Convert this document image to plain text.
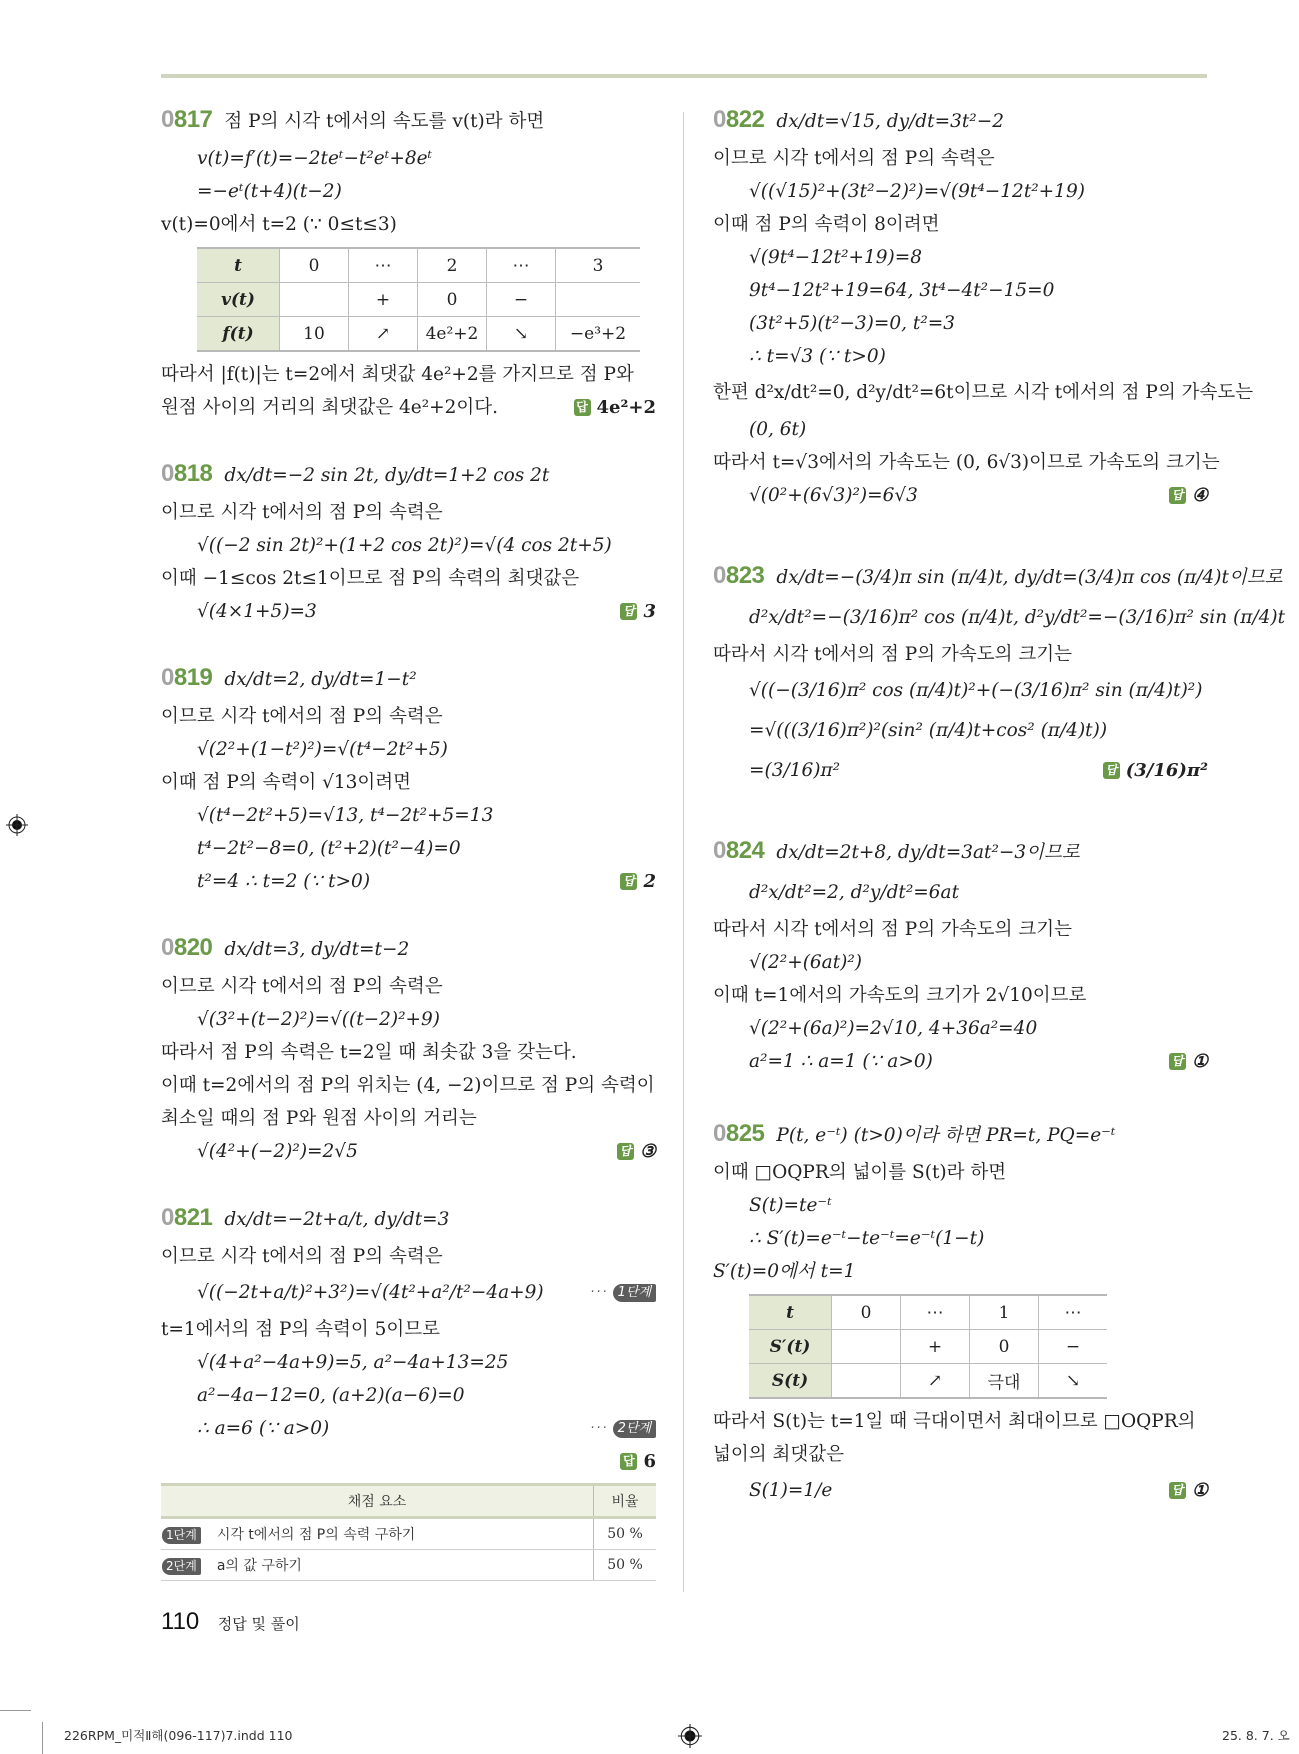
0817 점 P의 시각 t에서의 속도를 v(t)라 하면
v(t)=f′(t)=−2teᵗ−t²eᵗ+8eᵗ
=−eᵗ(t+4)(t−2)
v(t)=0에서 t=2 (∵ 0≤t≤3)
t	0	⋯	2	⋯	3
v(t)		+	0	−	
f(t)	10	↗	4e²+2	↘	−e³+2
따라서 |f(t)|는 t=2에서 최댓값 4e²+2를 가지므로 점 P와
원점 사이의 거리의 최댓값은 4e²+2이다.	답 4e²+2
0818 dx/dt=−2 sin 2t, dy/dt=1+2 cos 2t
이므로 시각 t에서의 점 P의 속력은
√((−2 sin 2t)²+(1+2 cos 2t)²)=√(4 cos 2t+5)
이때 −1≤cos 2t≤1이므로 점 P의 속력의 최댓값은
√(4×1+5)=3	답 3
0819 dx/dt=2, dy/dt=1−t²
이므로 시각 t에서의 점 P의 속력은
√(2²+(1−t²)²)=√(t⁴−2t²+5)
이때 점 P의 속력이 √13이려면
√(t⁴−2t²+5)=√13, t⁴−2t²+5=13
t⁴−2t²−8=0, (t²+2)(t²−4)=0
t²=4 ∴ t=2 (∵ t>0)	답 2
0820 dx/dt=3, dy/dt=t−2
이므로 시각 t에서의 점 P의 속력은
√(3²+(t−2)²)=√((t−2)²+9)
따라서 점 P의 속력은 t=2일 때 최솟값 3을 갖는다.
이때 t=2에서의 점 P의 위치는 (4, −2)이므로 점 P의 속력이
최소일 때의 점 P와 원점 사이의 거리는
√(4²+(−2)²)=2√5	답 ③
0821 dx/dt=−2t+a/t, dy/dt=3
이므로 시각 t에서의 점 P의 속력은
√((−2t+a/t)²+3²)=√(4t²+a²/t²−4a+9)	··· 1단계
t=1에서의 점 P의 속력이 5이므로
√(4+a²−4a+9)=5, a²−4a+13=25
a²−4a−12=0, (a+2)(a−6)=0
∴ a=6 (∵ a>0)	··· 2단계
답 6
채점 요소	비율
1단계 시각 t에서의 점 P의 속력 구하기	50 %
2단계 a의 값 구하기	50 %
0822 dx/dt=√15, dy/dt=3t²−2
이므로 시각 t에서의 점 P의 속력은
√((√15)²+(3t²−2)²)=√(9t⁴−12t²+19)
이때 점 P의 속력이 8이려면
√(9t⁴−12t²+19)=8
9t⁴−12t²+19=64, 3t⁴−4t²−15=0
(3t²+5)(t²−3)=0, t²=3
∴ t=√3 (∵ t>0)
한편 d²x/dt²=0, d²y/dt²=6t이므로 시각 t에서의 점 P의 가속도는
(0, 6t)
따라서 t=√3에서의 가속도는 (0, 6√3)이므로 가속도의 크기는
√(0²+(6√3)²)=6√3	답 ④
0823 dx/dt=−(3/4)π sin (π/4)t, dy/dt=(3/4)π cos (π/4)t이므로
d²x/dt²=−(3/16)π² cos (π/4)t, d²y/dt²=−(3/16)π² sin (π/4)t
따라서 시각 t에서의 점 P의 가속도의 크기는
√((−(3/16)π² cos (π/4)t)²+(−(3/16)π² sin (π/4)t)²)
=√(((3/16)π²)²(sin² (π/4)t+cos² (π/4)t))
=(3/16)π²	답 (3/16)π²
0824 dx/dt=2t+8, dy/dt=3at²−3이므로
d²x/dt²=2, d²y/dt²=6at
따라서 시각 t에서의 점 P의 가속도의 크기는
√(2²+(6at)²)
이때 t=1에서의 가속도의 크기가 2√10이므로
√(2²+(6a)²)=2√10, 4+36a²=40
a²=1 ∴ a=1 (∵ a>0)	답 ①
0825 P(t, e⁻ᵗ) (t>0)이라 하면 PR=t, PQ=e⁻ᵗ
이때 □OQPR의 넓이를 S(t)라 하면
S(t)=te⁻ᵗ
∴ S′(t)=e⁻ᵗ−te⁻ᵗ=e⁻ᵗ(1−t)
S′(t)=0에서 t=1
t	0	⋯	1	⋯
S′(t)		+	0	−
S(t)		↗	극대	↘
따라서 S(t)는 t=1일 때 극대이면서 최대이므로 □OQPR의
넓이의 최댓값은
S(1)=1/e	답 ①
110 정답 및 풀이
226RPM_미적Ⅱ해(096-117)7.indd 110	25. 8. 7. 오
